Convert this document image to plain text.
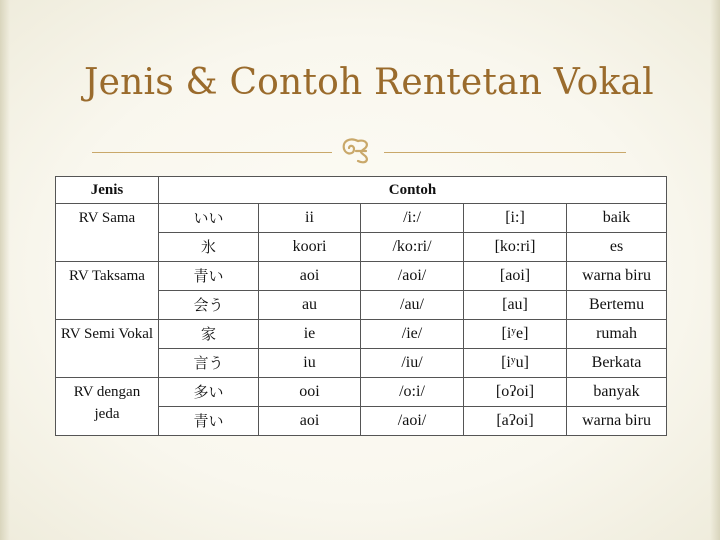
Jenis & Contoh Rentetan Vokal
Jenis	Contoh				
RV Sama	いい	ii	/i:/	[i:]	baik
	氷	koori	/ko:ri/	[ko:ri]	es
RV Taksama	青い	aoi	/aoi/	[aoi]	warna biru
	会う	au	/au/	[au]	Bertemu
RV Semi Vokal	家	ie	/ie/	[iʸe]	rumah
	言う	iu	/iu/	[iʸu]	Berkata
RV dengan jeda	多い	ooi	/o:i/	[oʔoi]	banyak
	青い	aoi	/aoi/	[aʔoi]	warna biru
